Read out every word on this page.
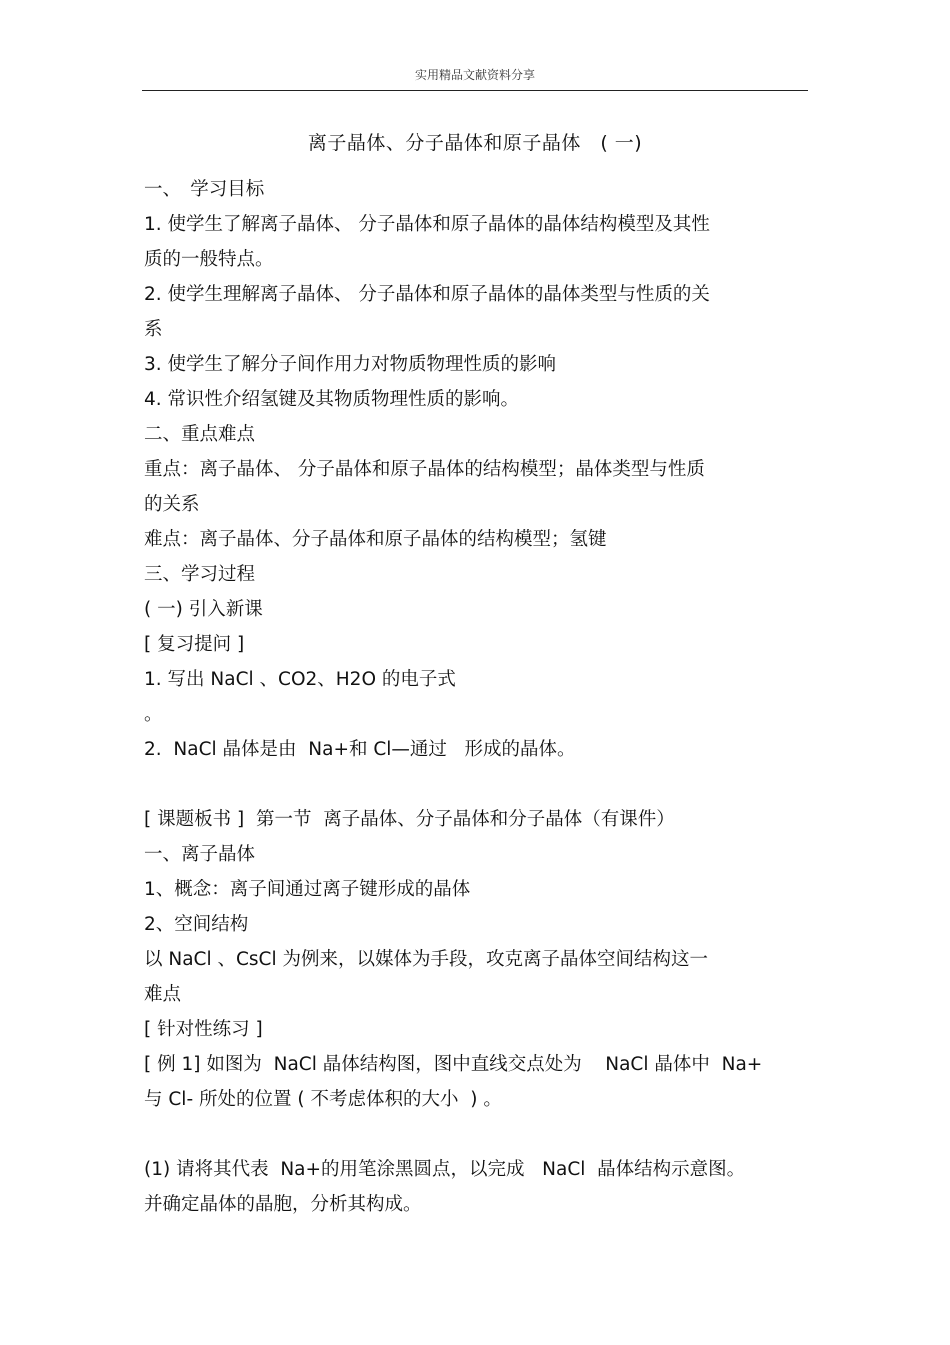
实用精品文献资料分享
离子晶体、分子晶体和原子晶体　( 一)
一、　学习目标
1. 使学生了解离子晶体、 分子晶体和原子晶体的晶体结构模型及其性
质的一般特点。
2. 使学生理解离子晶体、 分子晶体和原子晶体的晶体类型与性质的关
系
3. 使学生了解分子间作用力对物质物理性质的影响
4. 常识性介绍氢键及其物质物理性质的影响。
二、重点难点
重点：离子晶体、 分子晶体和原子晶体的结构模型；晶体类型与性质
的关系
难点：离子晶体、分子晶体和原子晶体的结构模型；氢键
三、学习过程
( 一) 引入新课
[ 复习提问 ]
1. 写出 NaCl 、CO2、H2O 的电子式
。
2.  NaCl 晶体是由  Na+和 Cl—通过   形成的晶体。
[ 课题板书 ]  第一节  离子晶体、分子晶体和分子晶体（有课件）
一、离子晶体
1、概念：离子间通过离子键形成的晶体
2、空间结构
以 NaCl 、CsCl 为例来，以媒体为手段，攻克离子晶体空间结构这一
难点
[ 针对性练习 ]
[ 例 1] 如图为  NaCl 晶体结构图，图中直线交点处为    NaCl 晶体中  Na+
与 Cl- 所处的位置 ( 不考虑体积的大小  ) 。
(1) 请将其代表  Na+的用笔涂黑圆点，以完成   NaCl  晶体结构示意图。
并确定晶体的晶胞，分析其构成。
